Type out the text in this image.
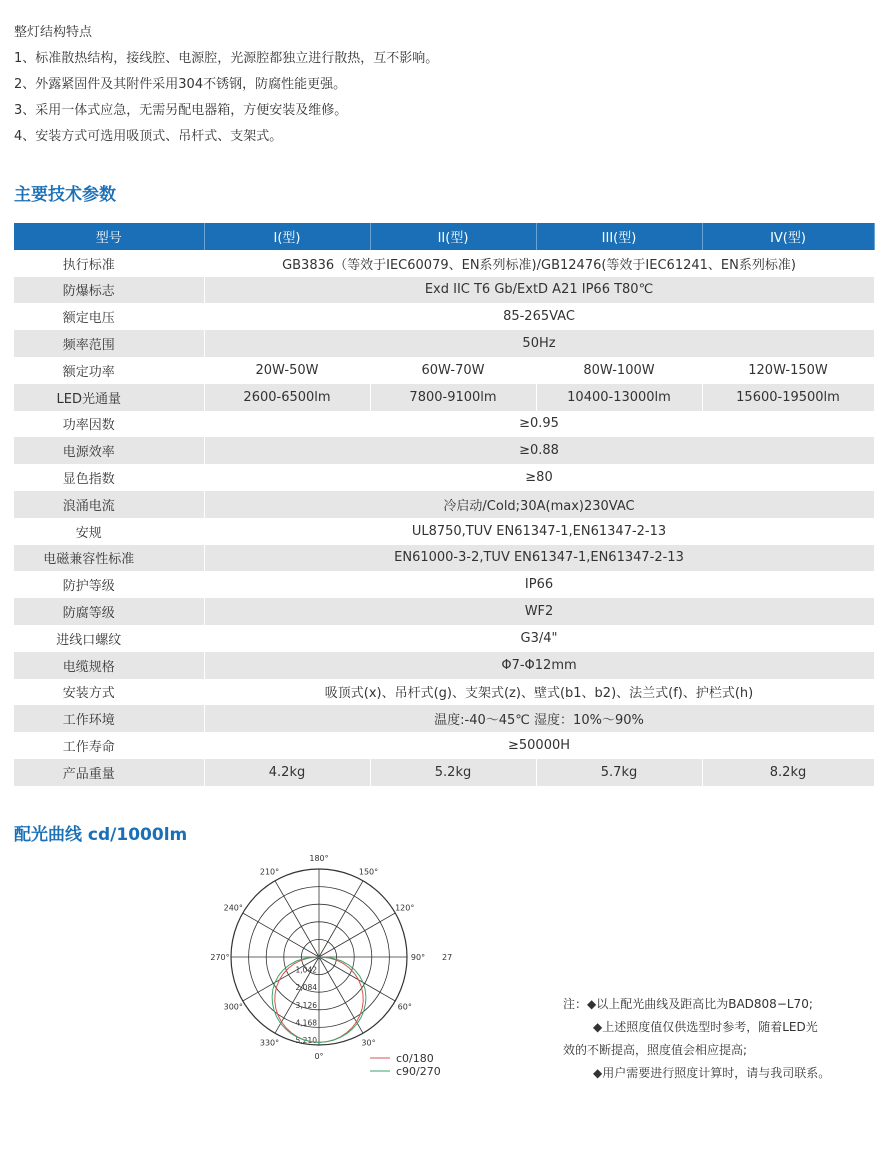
整灯结构特点
1、标准散热结构，接线腔、电源腔，光源腔都独立进行散热，互不影响。
2、外露紧固件及其附件采用304不锈钢，防腐性能更强。
3、采用一体式应急，无需另配电器箱，方便安装及维修。
4、安装方式可选用吸顶式、吊杆式、支架式。
主要技术参数
型号	I(型)	II(型)	III(型)	IV(型)
执行标准	GB3836（等效于IEC60079、EN系列标准)/GB12476(等效于IEC61241、EN系列标准)			
防爆标志	Exd IIC T6 Gb/ExtD A21 IP66 T80℃			
额定电压	85-265VAC			
频率范围	50Hz			
额定功率	20W-50W	60W-70W	80W-100W	120W-150W
LED光通量	2600-6500lm	7800-9100lm	10400-13000lm	15600-19500lm
功率因数	≥0.95			
电源效率	≥0.88			
显色指数	≥80			
浪涌电流	冷启动/Cold;30A(max)230VAC			
安规	UL8750,TUV EN61347-1,EN61347-2-13			
电磁兼容性标准	EN61000-3-2,TUV EN61347-1,EN61347-2-13			
防护等级	IP66			
防腐等级	WF2			
进线口螺纹	G3/4"			
电缆规格	Φ7-Φ12mm			
安装方式	吸顶式(x)、吊杆式(g)、支架式(z)、壁式(b1、b2)、法兰式(f)、护栏式(h)			
工作环境	温度:-40～45℃ 湿度：10%～90%			
工作寿命	≥50000H			
产品重量	4.2kg	5.2kg	5.7kg	8.2kg
配光曲线 cd/1000lm
180°
150°
120°
90°
60°
30°
0°
330°
300°
270°
240°
210°
1,042
2,084
3,126
4,168
5,210
27
c0/180
c90/270
注：◆以上配光曲线及距高比为BAD808−L70;
◆上述照度值仅供选型时参考，随着LED光
效的不断提高，照度值会相应提高;
◆用户需要进行照度计算时，请与我司联系。
